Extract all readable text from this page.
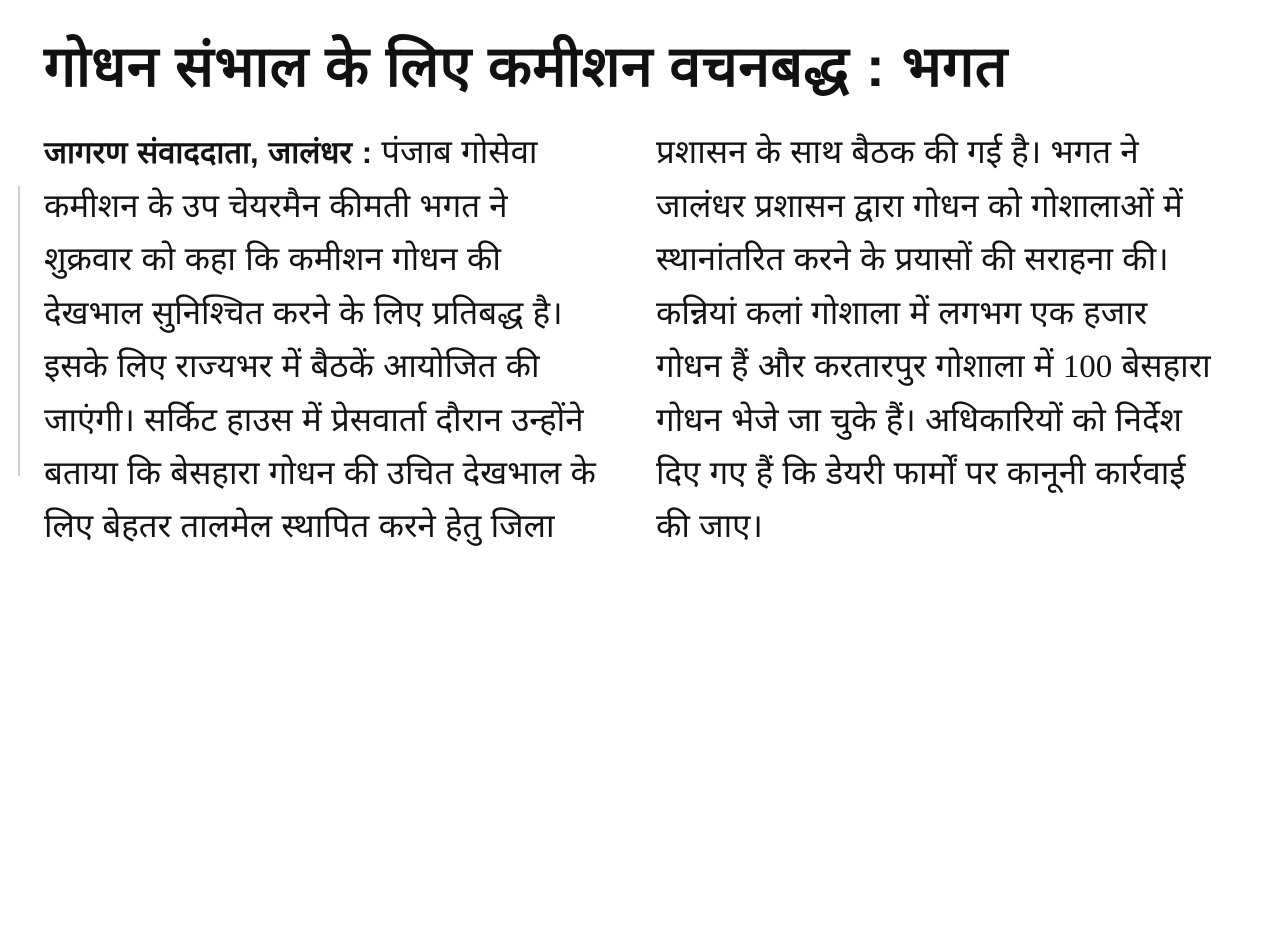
गोधन संभाल के लिए कमीशन वचनबद्ध : भगत

जागरण संवाददाता, जालंधर : पंजाब गोसेवा कमीशन के उप चेयरमैन कीमती भगत ने शुक्रवार को कहा कि कमीशन गोधन की देखभाल सुनिश्चित करने के लिए प्रतिबद्ध है। इसके लिए राज्यभर में बैठकें आयोजित की जाएंगी। सर्किट हाउस में प्रेसवार्ता दौरान उन्होंने बताया कि बेसहारा गोधन की उचित देखभाल के लिए बेहतर तालमेल स्थापित करने हेतु जिला

प्रशासन के साथ बैठक की गई है। भगत ने जालंधर प्रशासन द्वारा गोधन को गोशालाओं में स्थानांतरित करने के प्रयासों की सराहना की। कन्नियां कलां गोशाला में लगभग एक हजार गोधन हैं और करतारपुर गोशाला में 100 बेसहारा गोधन भेजे जा चुके हैं। अधिकारियों को निर्देश दिए गए हैं कि डेयरी फार्मों पर कानूनी कार्रवाई की जाए।
